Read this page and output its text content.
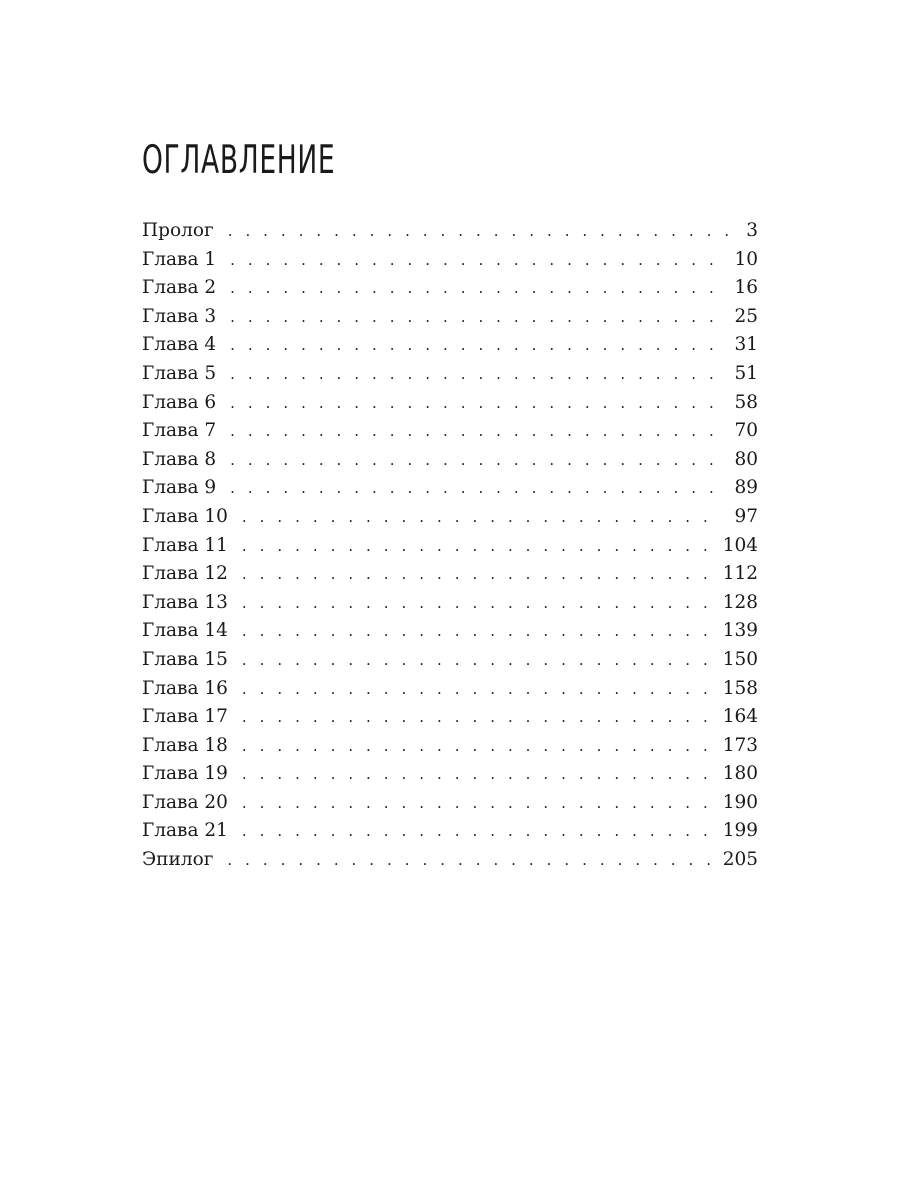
ОГЛАВЛЕНИЕ
Пролог . . .	3
Глава 1 . . .	10
Глава 2 . . .	16
Глава 3 . . .	25
Глава 4 . . .	31
Глава 5 . . .	51
Глава 6 . . .	58
Глава 7 . . .	70
Глава 8 . . .	80
Глава 9 . . .	89
Глава 10 . . .	97
Глава 11 . . .	104
Глава 12 . . .	112
Глава 13 . . .	128
Глава 14 . . .	139
Глава 15 . . .	150
Глава 16 . . .	158
Глава 17 . . .	164
Глава 18 . . .	173
Глава 19 . . .	180
Глава 20 . . .	190
Глава 21 . . .	199
Эпилог . . .	205
